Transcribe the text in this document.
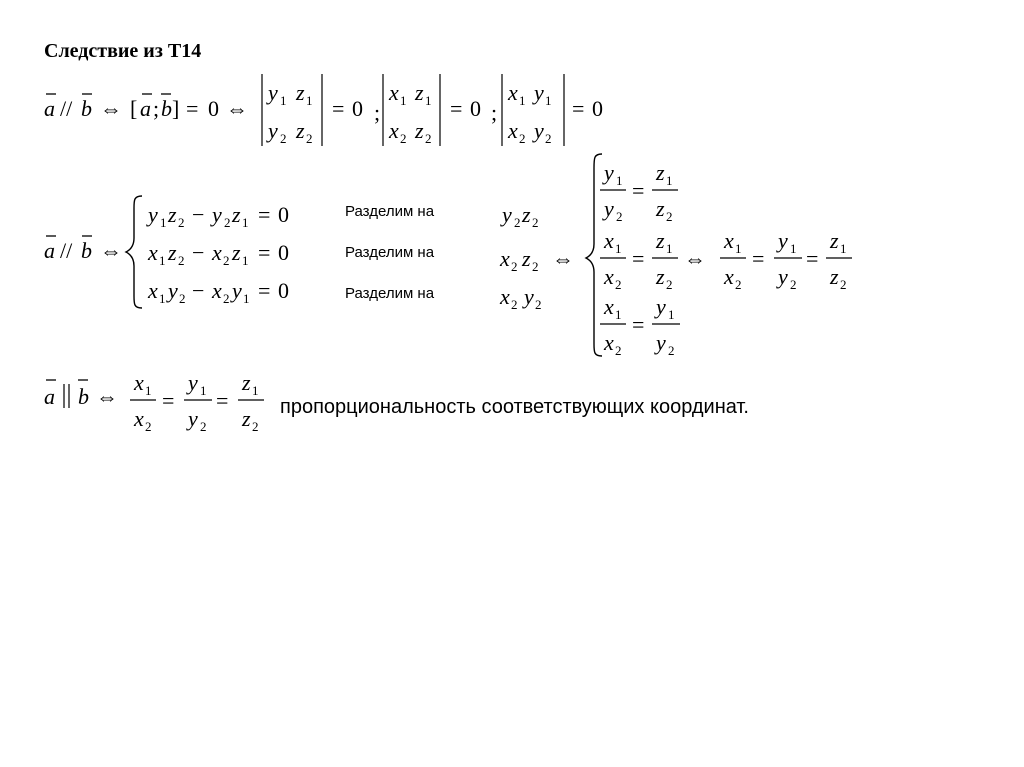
Следствие из Т14
a // b ⇔ [ a ; b ] = 0 ⇔
y 1 z 1
y 2 z 2
= 0 ;
x 1 z 1
x 2 z 2
= 0 ;
x 1 y 1
x 2 y 2
= 0
a // b ⇔
y 1 z 2 − y 2 z 1 = 0
x 1 z 2 − x 2 z 1 = 0
x 1 y 2 − x 2 y 1 = 0
y 2 z 2
x 2 z 2
x 2 y 2
⇔
y 1
y 2
=
z 1
z 2
x 1
x 2
=
z 1
z 2
x 1
x 2
=
y 1
y 2
⇔
x 1
x 2
=
y 1
y 2
=
z 1
z 2
a b ⇔
x 1
x 2
=
y 1
y 2
=
z 1
z 2
Разделим на
Разделим на
Разделим на
пропорциональность соответствующих координат.
